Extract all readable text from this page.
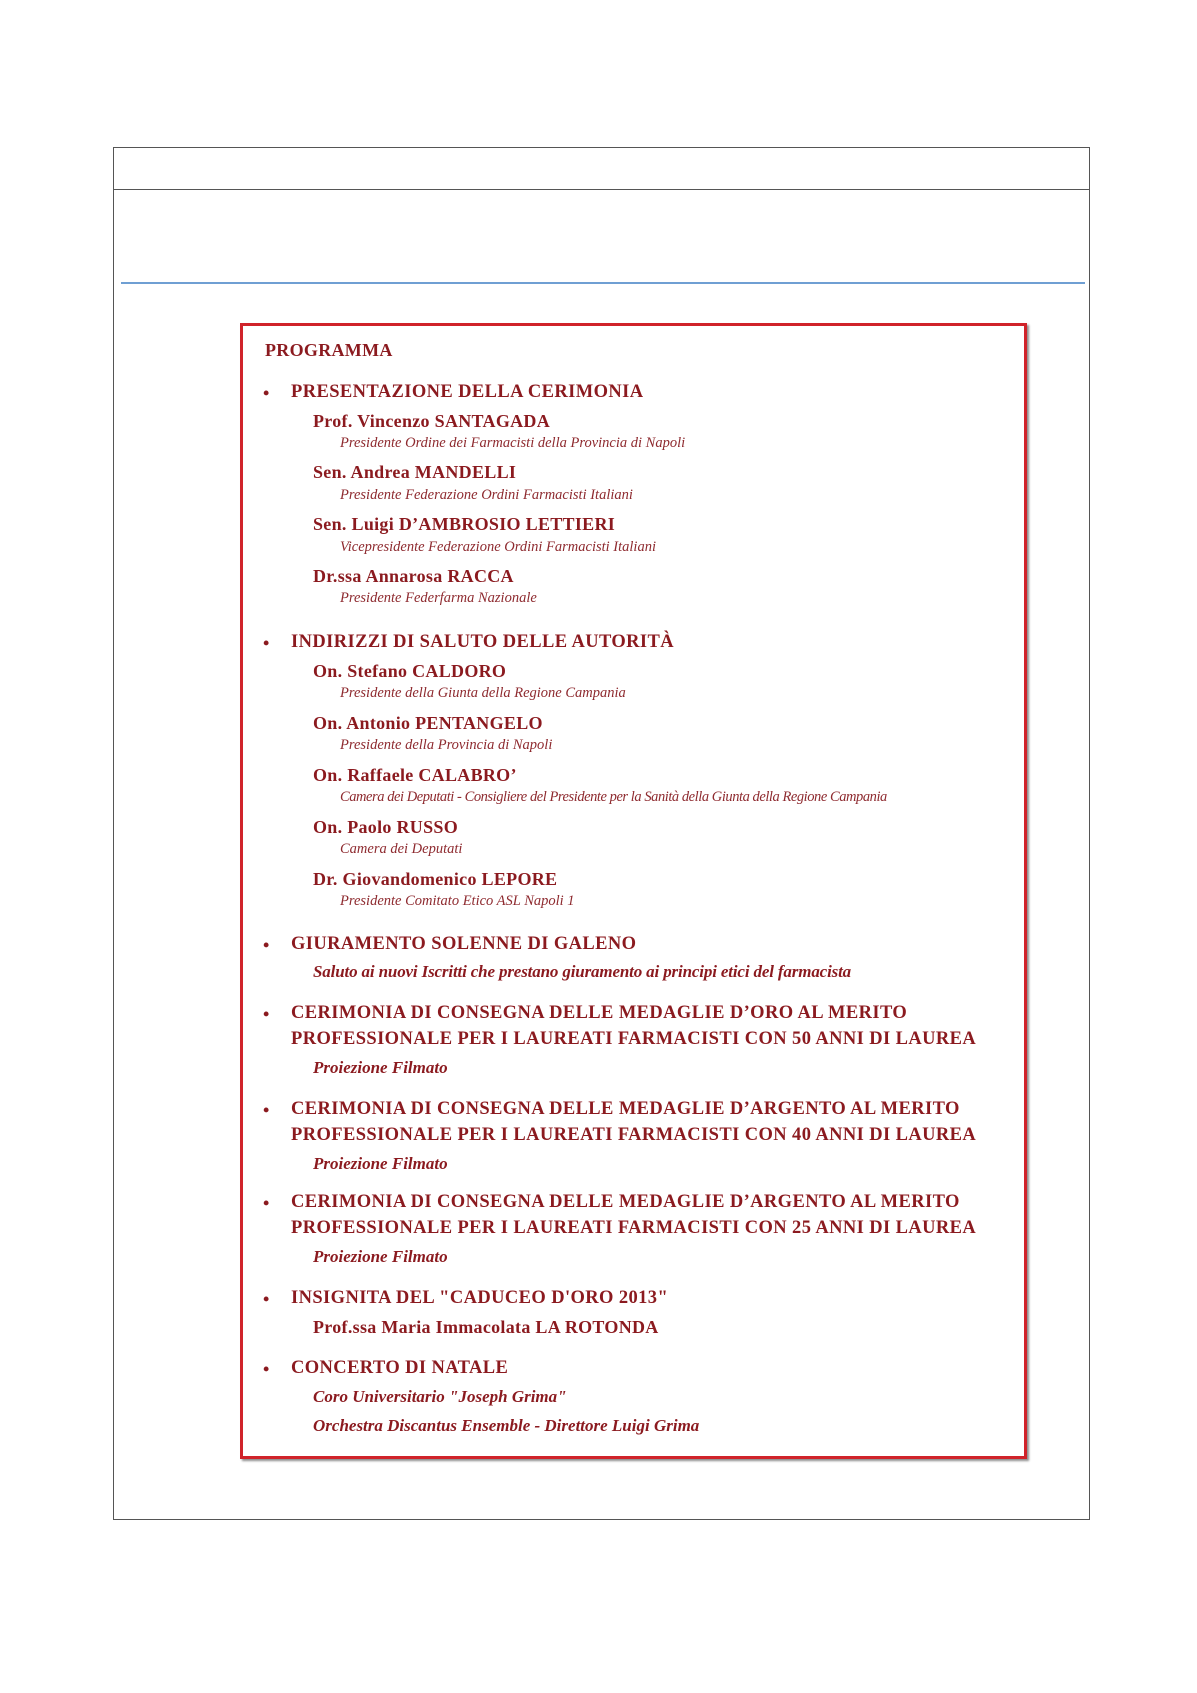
PROGRAMMA
• PRESENTAZIONE DELLA CERIMONIA
Prof. Vincenzo SANTAGADA
Presidente Ordine dei Farmacisti della Provincia di Napoli
Sen. Andrea MANDELLI
Presidente Federazione Ordini Farmacisti Italiani
Sen. Luigi D’AMBROSIO LETTIERI
Vicepresidente Federazione Ordini Farmacisti Italiani
Dr.ssa Annarosa RACCA
Presidente Federfarma Nazionale
• INDIRIZZI DI SALUTO DELLE AUTORITÀ
On. Stefano CALDORO
Presidente della Giunta della Regione Campania
On. Antonio PENTANGELO
Presidente della Provincia di Napoli
On. Raffaele CALABRO’
Camera dei Deputati - Consigliere del Presidente per la Sanità della Giunta della Regione Campania
On. Paolo RUSSO
Camera dei Deputati
Dr. Giovandomenico LEPORE
Presidente Comitato Etico ASL Napoli 1
• GIURAMENTO SOLENNE DI GALENO
Saluto ai nuovi Iscritti che prestano giuramento ai principi etici del farmacista
• CERIMONIA DI CONSEGNA DELLE MEDAGLIE D’ORO AL MERITO
PROFESSIONALE PER I LAUREATI FARMACISTI CON 50 ANNI DI LAUREA
Proiezione Filmato
• CERIMONIA DI CONSEGNA DELLE MEDAGLIE D’ARGENTO AL MERITO
PROFESSIONALE PER I LAUREATI FARMACISTI CON 40 ANNI DI LAUREA
Proiezione Filmato
• CERIMONIA DI CONSEGNA DELLE MEDAGLIE D’ARGENTO AL MERITO
PROFESSIONALE PER I LAUREATI FARMACISTI CON 25 ANNI DI LAUREA
Proiezione Filmato
• INSIGNITA DEL "CADUCEO D'ORO 2013"
Prof.ssa Maria Immacolata LA ROTONDA
• CONCERTO DI NATALE
Coro Universitario "Joseph Grima"
Orchestra Discantus Ensemble - Direttore Luigi Grima
